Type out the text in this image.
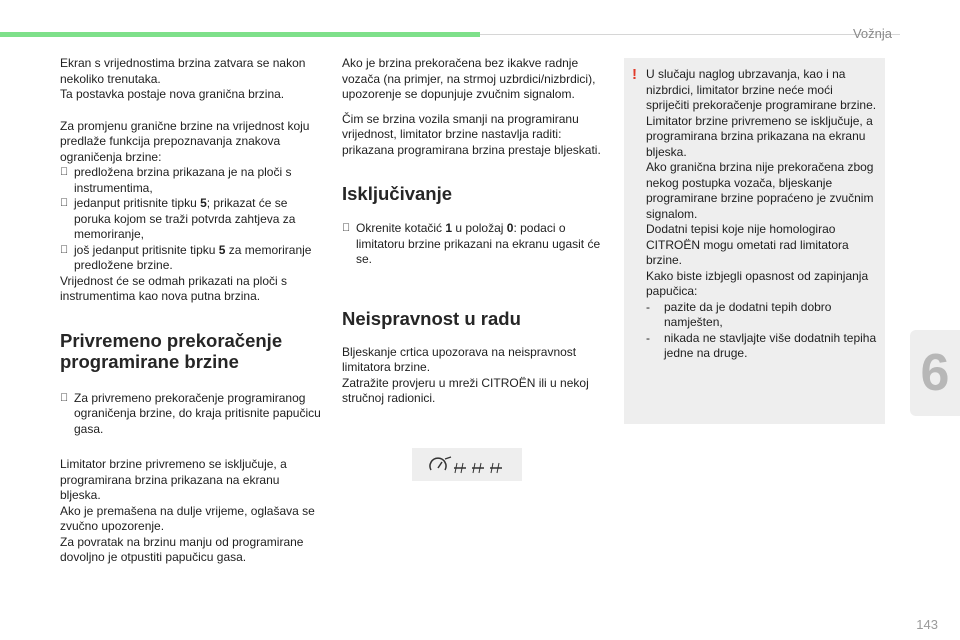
Vožnja
6

Ekran s vrijednostima brzina zatvara se nakon nekoliko trenutaka.

Ta postavka postaje nova granična brzina.

Za promjenu granične brzine na vrijednost koju predlaže funkcija prepoznavanja znakova ograničenja brzine:

predložena brzina prikazana je na ploči s instrumentima,
jedanput pritisnite tipku 5; prikazat će se poruka kojom se traži potvrda zahtjeva za memoriranje,
još jedanput pritisnite tipku 5 za memoriranje predložene brzine.

Vrijednost će se odmah prikazati na ploči s instrumentima kao nova putna brzina.

Privremeno prekoračenje programirane brzine
Za privremeno prekoračenje programiranog ograničenja brzine, do kraja pritisnite papučicu gasa.

Limitator brzine privremeno se isključuje, a programirana brzina prikazana na ekranu bljeska.

Ako je premašena na dulje vrijeme, oglašava se zvučno upozorenje.

Za povratak na brzinu manju od programirane dovoljno je otpustiti papučicu gasa.

Ako je brzina prekoračena bez ikakve radnje vozača (na primjer, na strmoj uzbrdici/nizbrdici), upozorenje se dopunjuje zvučnim signalom.

Čim se brzina vozila smanji na programiranu vrijednost, limitator brzine nastavlja raditi: prikazana programirana brzina prestaje bljeskati.

Isključivanje
Okrenite kotačić 1 u položaj 0: podaci o limitatoru brzine prikazani na ekranu ugasit će se.
Neispravnost u radu

Bljeskanje crtica upozorava na neispravnost limitatora brzine.

Zatražite provjeru u mreži CITROËN ili u nekoj stručnoj radionici.

! U slučaju naglog ubrzavanja, kao i na nizbrdici, limitator brzine neće moći spriječiti prekoračenje programirane brzine.

Limitator brzine privremeno se isključuje, a programirana brzina prikazana na ekranu bljeska.

Ako granična brzina nije prekoračena zbog nekog postupka vozača, bljeskanje programirane brzine popraćeno je zvučnim signalom.

Dodatni tepisi koje nije homologirao CITROËN mogu ometati rad limitatora brzine.

Kako biste izbjegli opasnost od zapinjanja papučica:

-	pazite da je dodatni tepih dobro namješten,
-	nikada ne stavljajte više dodatnih tepiha jedne na druge.
143
